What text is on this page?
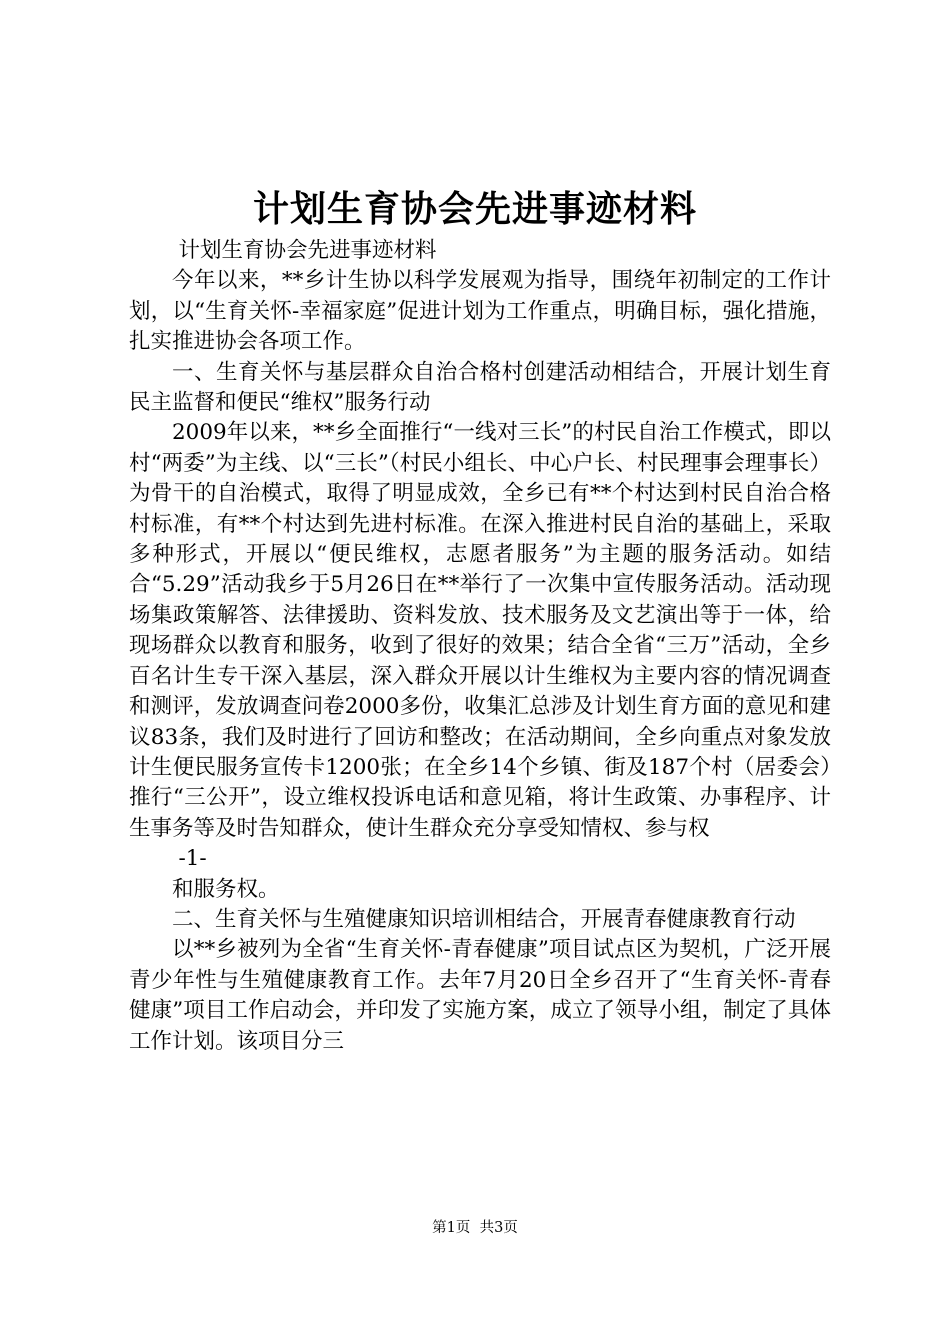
计划生育协会先进事迹材料

计划生育协会先进事迹材料

今年以来，**乡计生协以科学发展观为指导，围绕年初制定的工作计划，以“生育关怀-幸福家庭”促进计划为工作重点，明确目标，强化措施，扎实推进协会各项工作。

一、生育关怀与基层群众自治合格村创建活动相结合，开展计划生育民主监督和便民“维权”服务行动

2009年以来，**乡全面推行“一线对三长”的村民自治工作模式，即以村“两委”为主线、以“三长”（村民小组长、中心户长、村民理事会理事长）为骨干的自治模式，取得了明显成效，全乡已有**个村达到村民自治合格村标准，有**个村达到先进村标准。在深入推进村民自治的基础上，采取多种形式，开展以“便民维权，志愿者服务”为主题的服务活动。如结合“5.29”活动我乡于5月26日在**举行了一次集中宣传服务活动。活动现场集政策解答、法律援助、资料发放、技术服务及文艺演出等于一体，给现场群众以教育和服务，收到了很好的效果；结合全省“三万”活动，全乡百名计生专干深入基层，深入群众开展以计生维权为主要内容的情况调查和测评，发放调查问卷2000多份，收集汇总涉及计划生育方面的意见和建议83条，我们及时进行了回访和整改；在活动期间，全乡向重点对象发放计生便民服务宣传卡1200张；在全乡14个乡镇、街及187个村（居委会）推行“三公开”，设立维权投诉电话和意见箱，将计生政策、办事程序、计生事务等及时告知群众，使计生群众充分享受知情权、参与权

-1-

和服务权。

二、生育关怀与生殖健康知识培训相结合，开展青春健康教育行动

以**乡被列为全省“生育关怀-青春健康”项目试点区为契机，广泛开展青少年性与生殖健康教育工作。去年7月20日全乡召开了“生育关怀-青春健康”项目工作启动会，并印发了实施方案，成立了领导小组，制定了具体工作计划。该项目分三

第1页 共3页
